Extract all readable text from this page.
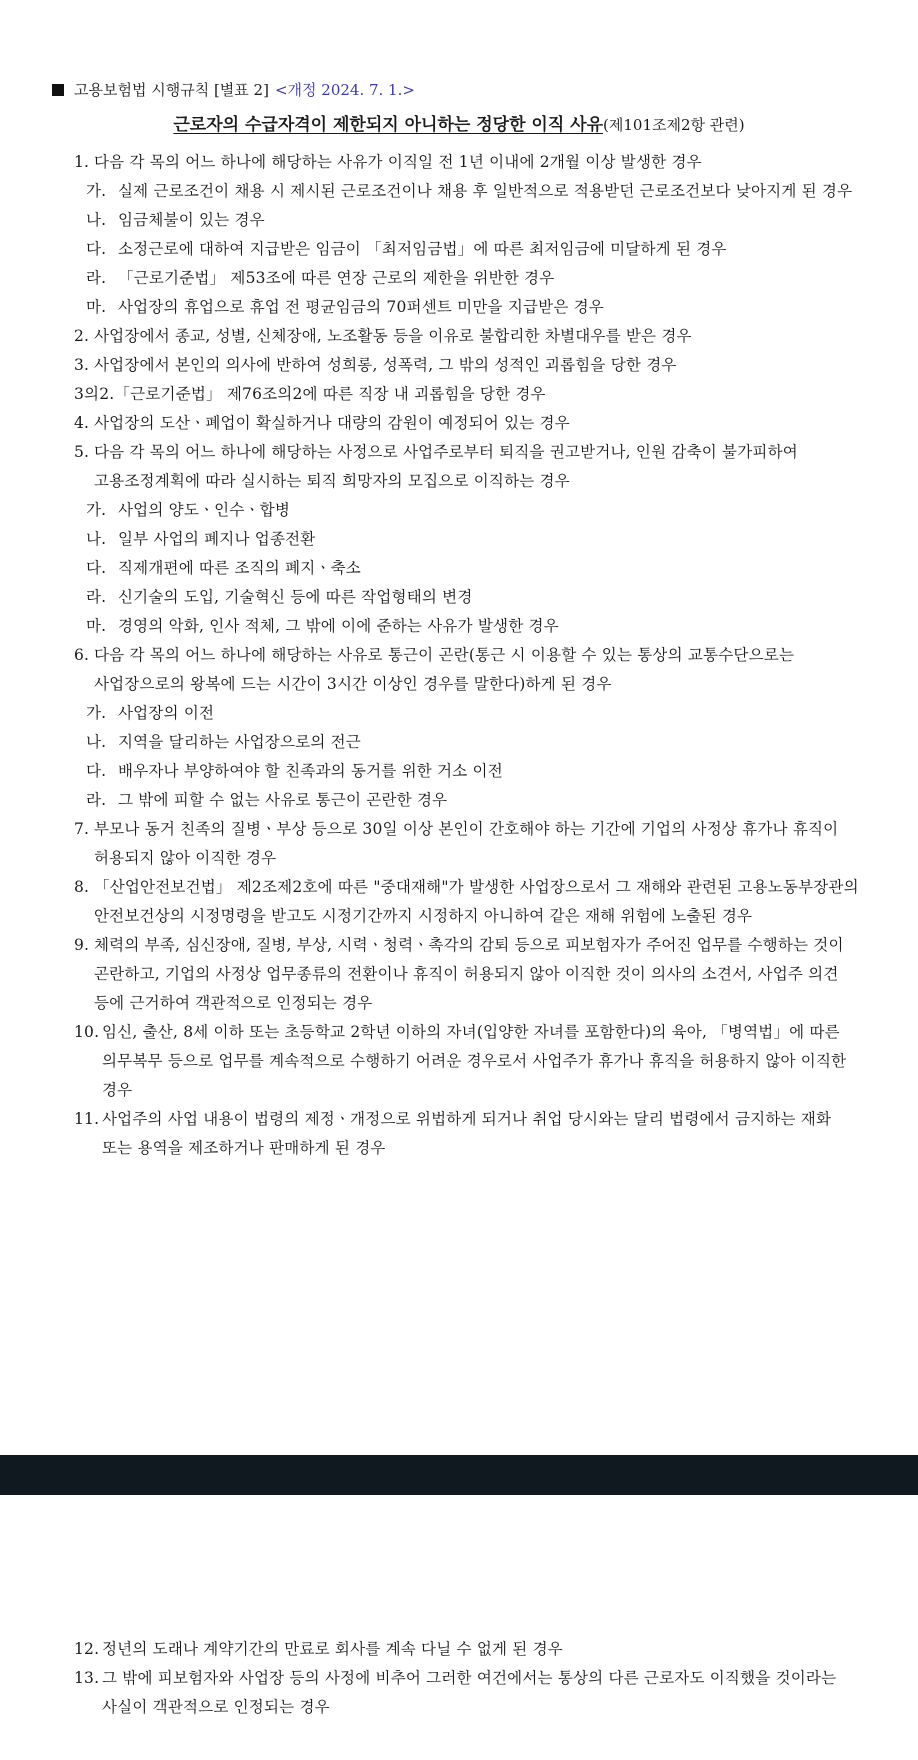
고용보험법 시행규칙 [별표 2] <개정 2024. 7. 1.>
근로자의 수급자격이 제한되지 아니하는 정당한 이직 사유(제101조제2항 관련)
1. 다음 각 목의 어느 하나에 해당하는 사유가 이직일 전 1년 이내에 2개월 이상 발생한 경우
가. 실제 근로조건이 채용 시 제시된 근로조건이나 채용 후 일반적으로 적용받던 근로조건보다 낮아지게 된 경우
나. 임금체불이 있는 경우
다. 소정근로에 대하여 지급받은 임금이 「최저임금법」에 따른 최저임금에 미달하게 된 경우
라. 「근로기준법」 제53조에 따른 연장 근로의 제한을 위반한 경우
마. 사업장의 휴업으로 휴업 전 평균임금의 70퍼센트 미만을 지급받은 경우
2. 사업장에서 종교, 성별, 신체장애, 노조활동 등을 이유로 불합리한 차별대우를 받은 경우
3. 사업장에서 본인의 의사에 반하여 성희롱, 성폭력, 그 밖의 성적인 괴롭힘을 당한 경우
3의2. 「근로기준법」 제76조의2에 따른 직장 내 괴롭힘을 당한 경우
4. 사업장의 도산ㆍ폐업이 확실하거나 대량의 감원이 예정되어 있는 경우
5. 다음 각 목의 어느 하나에 해당하는 사정으로 사업주로부터 퇴직을 권고받거나, 인원 감축이 불가피하여 고용조정계획에 따라 실시하는 퇴직 희망자의 모집으로 이직하는 경우
가. 사업의 양도ㆍ인수ㆍ합병
나. 일부 사업의 폐지나 업종전환
다. 직제개편에 따른 조직의 폐지ㆍ축소
라. 신기술의 도입, 기술혁신 등에 따른 작업형태의 변경
마. 경영의 악화, 인사 적체, 그 밖에 이에 준하는 사유가 발생한 경우
6. 다음 각 목의 어느 하나에 해당하는 사유로 통근이 곤란(통근 시 이용할 수 있는 통상의 교통수단으로는 사업장으로의 왕복에 드는 시간이 3시간 이상인 경우를 말한다)하게 된 경우
가. 사업장의 이전
나. 지역을 달리하는 사업장으로의 전근
다. 배우자나 부양하여야 할 친족과의 동거를 위한 거소 이전
라. 그 밖에 피할 수 없는 사유로 통근이 곤란한 경우
7. 부모나 동거 친족의 질병ㆍ부상 등으로 30일 이상 본인이 간호해야 하는 기간에 기업의 사정상 휴가나 휴직이 허용되지 않아 이직한 경우
8. 「산업안전보건법」 제2조제2호에 따른 "중대재해"가 발생한 사업장으로서 그 재해와 관련된 고용노동부장관의 안전보건상의 시정명령을 받고도 시정기간까지 시정하지 아니하여 같은 재해 위험에 노출된 경우
9. 체력의 부족, 심신장애, 질병, 부상, 시력ㆍ청력ㆍ촉각의 감퇴 등으로 피보험자가 주어진 업무를 수행하는 것이 곤란하고, 기업의 사정상 업무종류의 전환이나 휴직이 허용되지 않아 이직한 것이 의사의 소견서, 사업주 의견 등에 근거하여 객관적으로 인정되는 경우
10. 임신, 출산, 8세 이하 또는 초등학교 2학년 이하의 자녀(입양한 자녀를 포함한다)의 육아, 「병역법」에 따른 의무복무 등으로 업무를 계속적으로 수행하기 어려운 경우로서 사업주가 휴가나 휴직을 허용하지 않아 이직한 경우
11. 사업주의 사업 내용이 법령의 제정ㆍ개정으로 위법하게 되거나 취업 당시와는 달리 법령에서 금지하는 재화 또는 용역을 제조하거나 판매하게 된 경우
12. 정년의 도래나 계약기간의 만료로 회사를 계속 다닐 수 없게 된 경우
13. 그 밖에 피보험자와 사업장 등의 사정에 비추어 그러한 여건에서는 통상의 다른 근로자도 이직했을 것이라는 사실이 객관적으로 인정되는 경우
